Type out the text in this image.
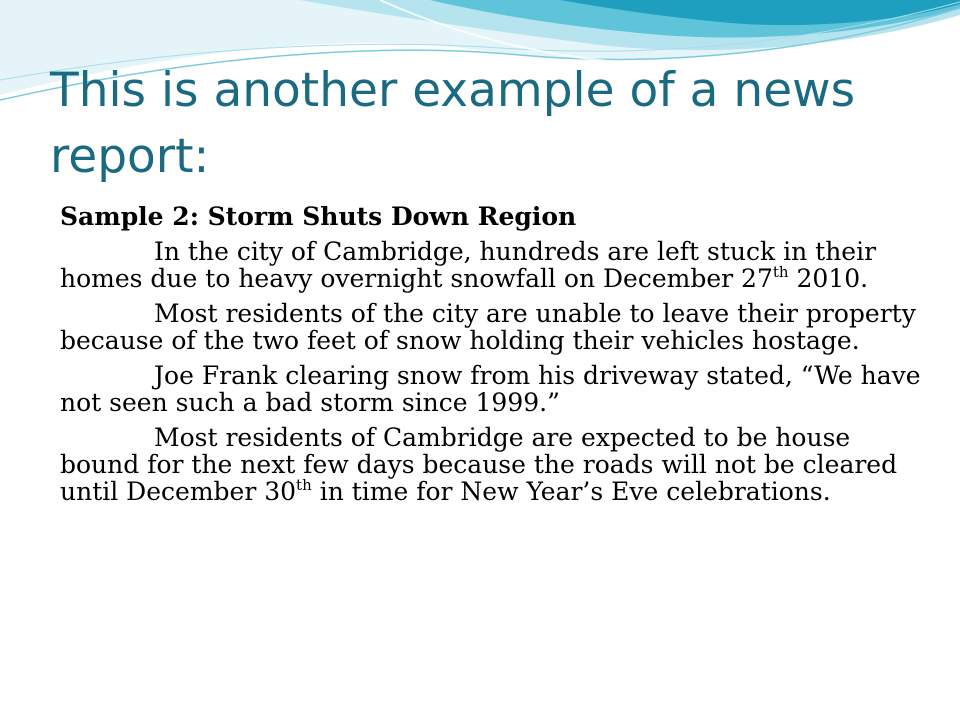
This is another example of a news report:
Sample 2: Storm Shuts Down Region

In the city of Cambridge, hundreds are left stuck in their homes due to heavy overnight snowfall on December 27th 2010.

Most residents of the city are unable to leave their property because of the two feet of snow holding their vehicles hostage.

Joe Frank clearing snow from his driveway stated, “We have not seen such a bad storm since 1999.”

Most residents of Cambridge are expected to be house bound for the next few days because the roads will not be cleared until December 30th in time for New Year’s Eve celebrations.
